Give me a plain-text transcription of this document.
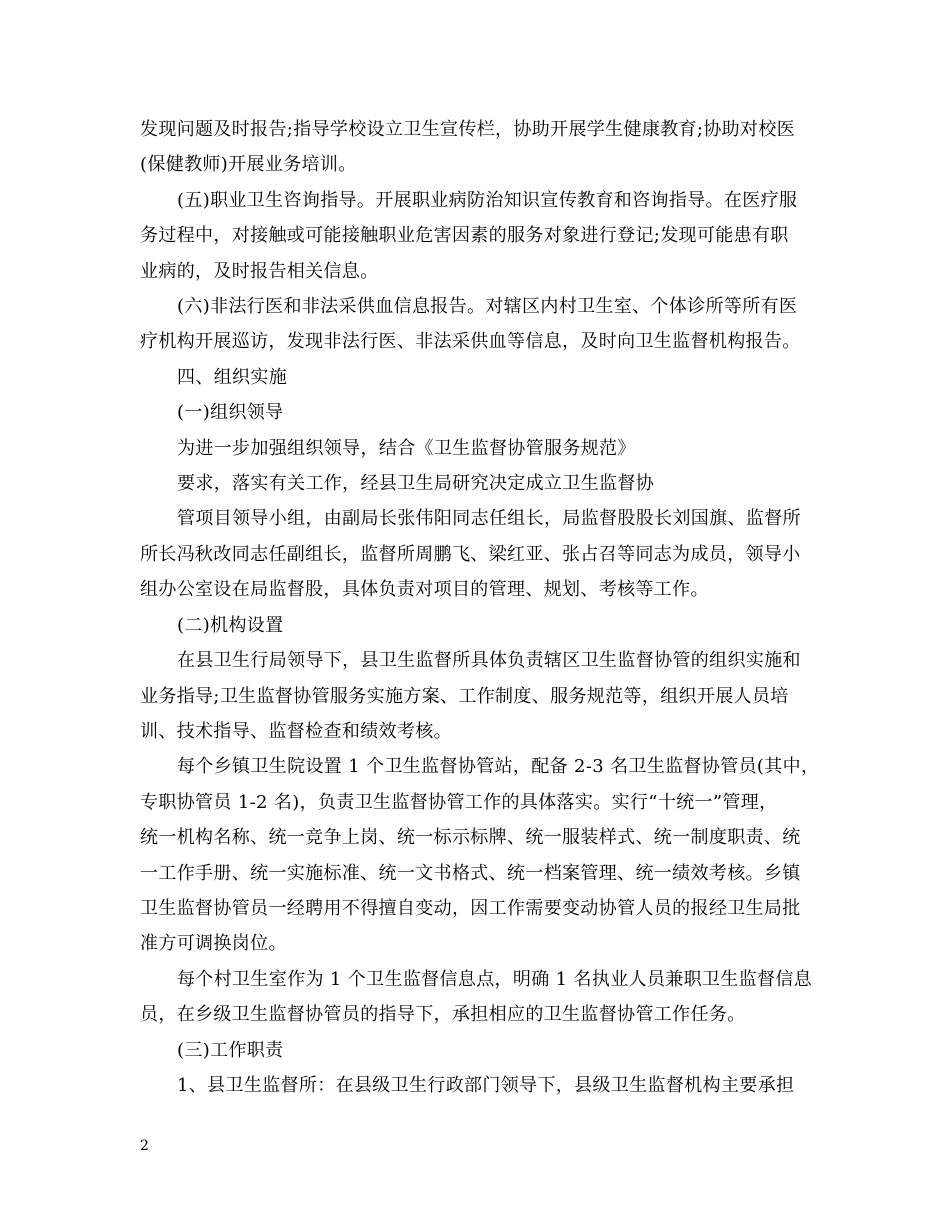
发现问题及时报告;指导学校设立卫生宣传栏，协助开展学生健康教育;协助对校医
(保健教师)开展业务培训。
(五)职业卫生咨询指导。开展职业病防治知识宣传教育和咨询指导。在医疗服
务过程中，对接触或可能接触职业危害因素的服务对象进行登记;发现可能患有职
业病的，及时报告相关信息。
(六)非法行医和非法采供血信息报告。对辖区内村卫生室、个体诊所等所有医
疗机构开展巡访，发现非法行医、非法采供血等信息，及时向卫生监督机构报告。
四、组织实施
(一)组织领导
为进一步加强组织领导，结合《卫生监督协管服务规范》
要求，落实有关工作，经县卫生局研究决定成立卫生监督协
管项目领导小组，由副局长张伟阳同志任组长，局监督股股长刘国旗、监督所
所长冯秋改同志任副组长，监督所周鹏飞、梁红亚、张占召等同志为成员，领导小
组办公室设在局监督股，具体负责对项目的管理、规划、考核等工作。
(二)机构设置
在县卫生行局领导下，县卫生监督所具体负责辖区卫生监督协管的组织实施和
业务指导;卫生监督协管服务实施方案、工作制度、服务规范等，组织开展人员培
训、技术指导、监督检查和绩效考核。
每个乡镇卫生院设置 1 个卫生监督协管站，配备 2-3 名卫生监督协管员(其中，
专职协管员 1-2 名)，负责卫生监督协管工作的具体落实。实行“十统一”管理，
统一机构名称、统一竞争上岗、统一标示标牌、统一服装样式、统一制度职责、统
一工作手册、统一实施标准、统一文书格式、统一档案管理、统一绩效考核。乡镇
卫生监督协管员一经聘用不得擅自变动，因工作需要变动协管人员的报经卫生局批
准方可调换岗位。
每个村卫生室作为 1 个卫生监督信息点，明确 1 名执业人员兼职卫生监督信息
员，在乡级卫生监督协管员的指导下，承担相应的卫生监督协管工作任务。
(三)工作职责
1、县卫生监督所：在县级卫生行政部门领导下，县级卫生监督机构主要承担
2
